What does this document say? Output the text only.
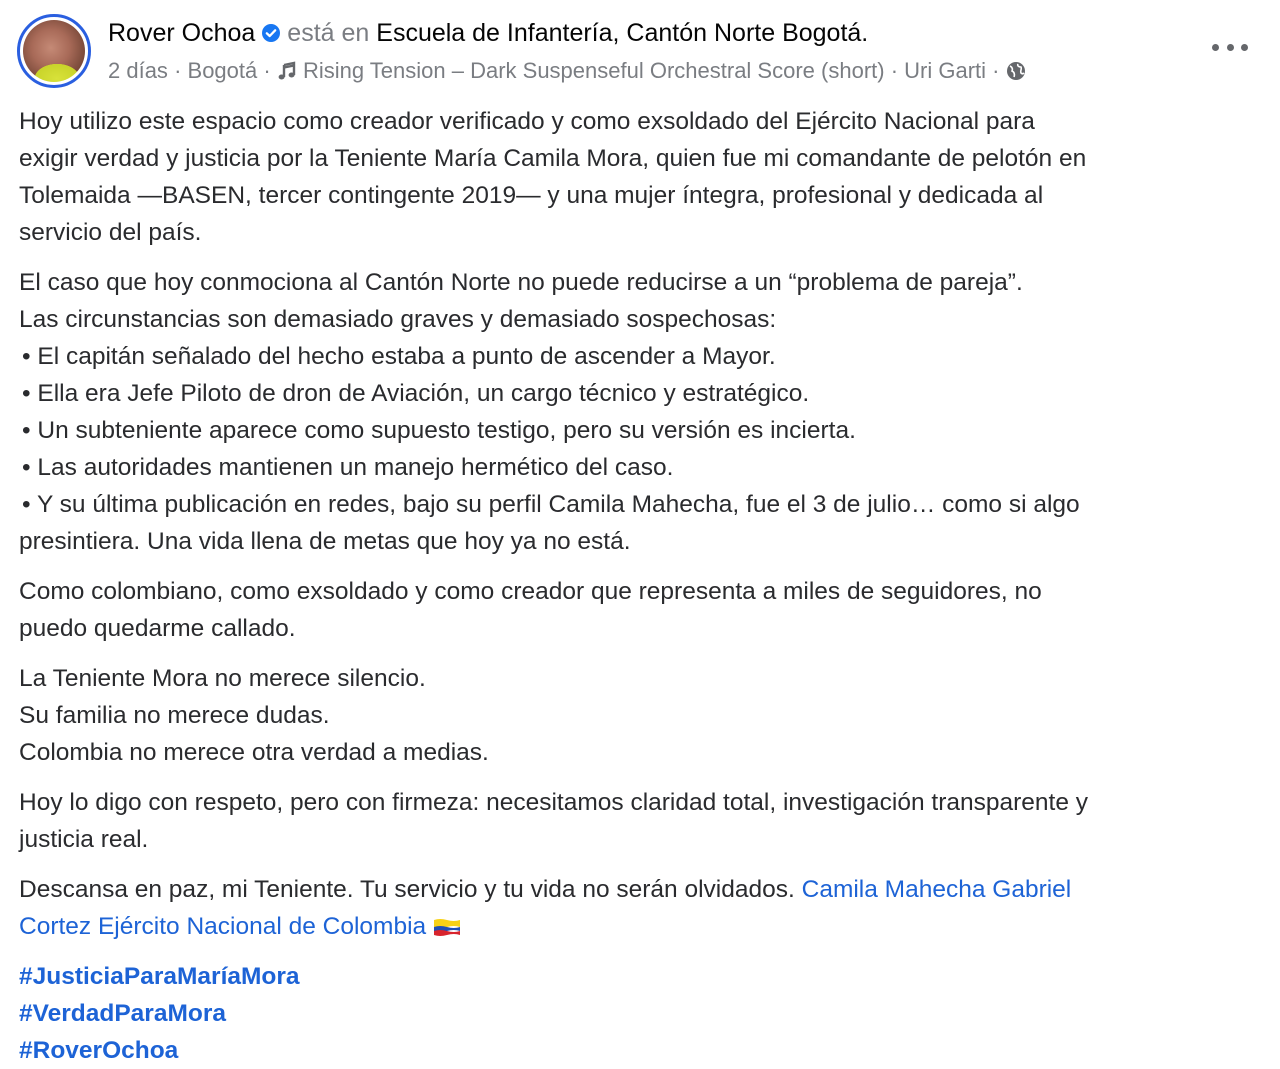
Rover Ochoa está en Escuela de Infantería, Cantón Norte Bogotá.
2 días · Bogotá · Rising Tension – Dark Suspenseful Orchestral Score (short) · Uri Garti ·
Hoy utilizo este espacio como creador verificado y como exsoldado del Ejército Nacional para
exigir verdad y justicia por la Teniente María Camila Mora, quien fue mi comandante de pelotón en
Tolemaida —BASEN, tercer contingente 2019— y una mujer íntegra, profesional y dedicada al
servicio del país.
El caso que hoy conmociona al Cantón Norte no puede reducirse a un “problema de pareja”.
Las circunstancias son demasiado graves y demasiado sospechosas:
• El capitán señalado del hecho estaba a punto de ascender a Mayor.
• Ella era Jefe Piloto de dron de Aviación, un cargo técnico y estratégico.
• Un subteniente aparece como supuesto testigo, pero su versión es incierta.
• Las autoridades mantienen un manejo hermético del caso.
• Y su última publicación en redes, bajo su perfil Camila Mahecha, fue el 3 de julio… como si algo
presintiera. Una vida llena de metas que hoy ya no está.
Como colombiano, como exsoldado y como creador que representa a miles de seguidores, no
puedo quedarme callado.
La Teniente Mora no merece silencio.
Su familia no merece dudas.
Colombia no merece otra verdad a medias.
Hoy lo digo con respeto, pero con firmeza: necesitamos claridad total, investigación transparente y
justicia real.
Descansa en paz, mi Teniente. Tu servicio y tu vida no serán olvidados. Camila Mahecha Gabriel
Cortez Ejército Nacional de Colombia
#JusticiaParaMaríaMora
#VerdadParaMora
#RoverOchoa
